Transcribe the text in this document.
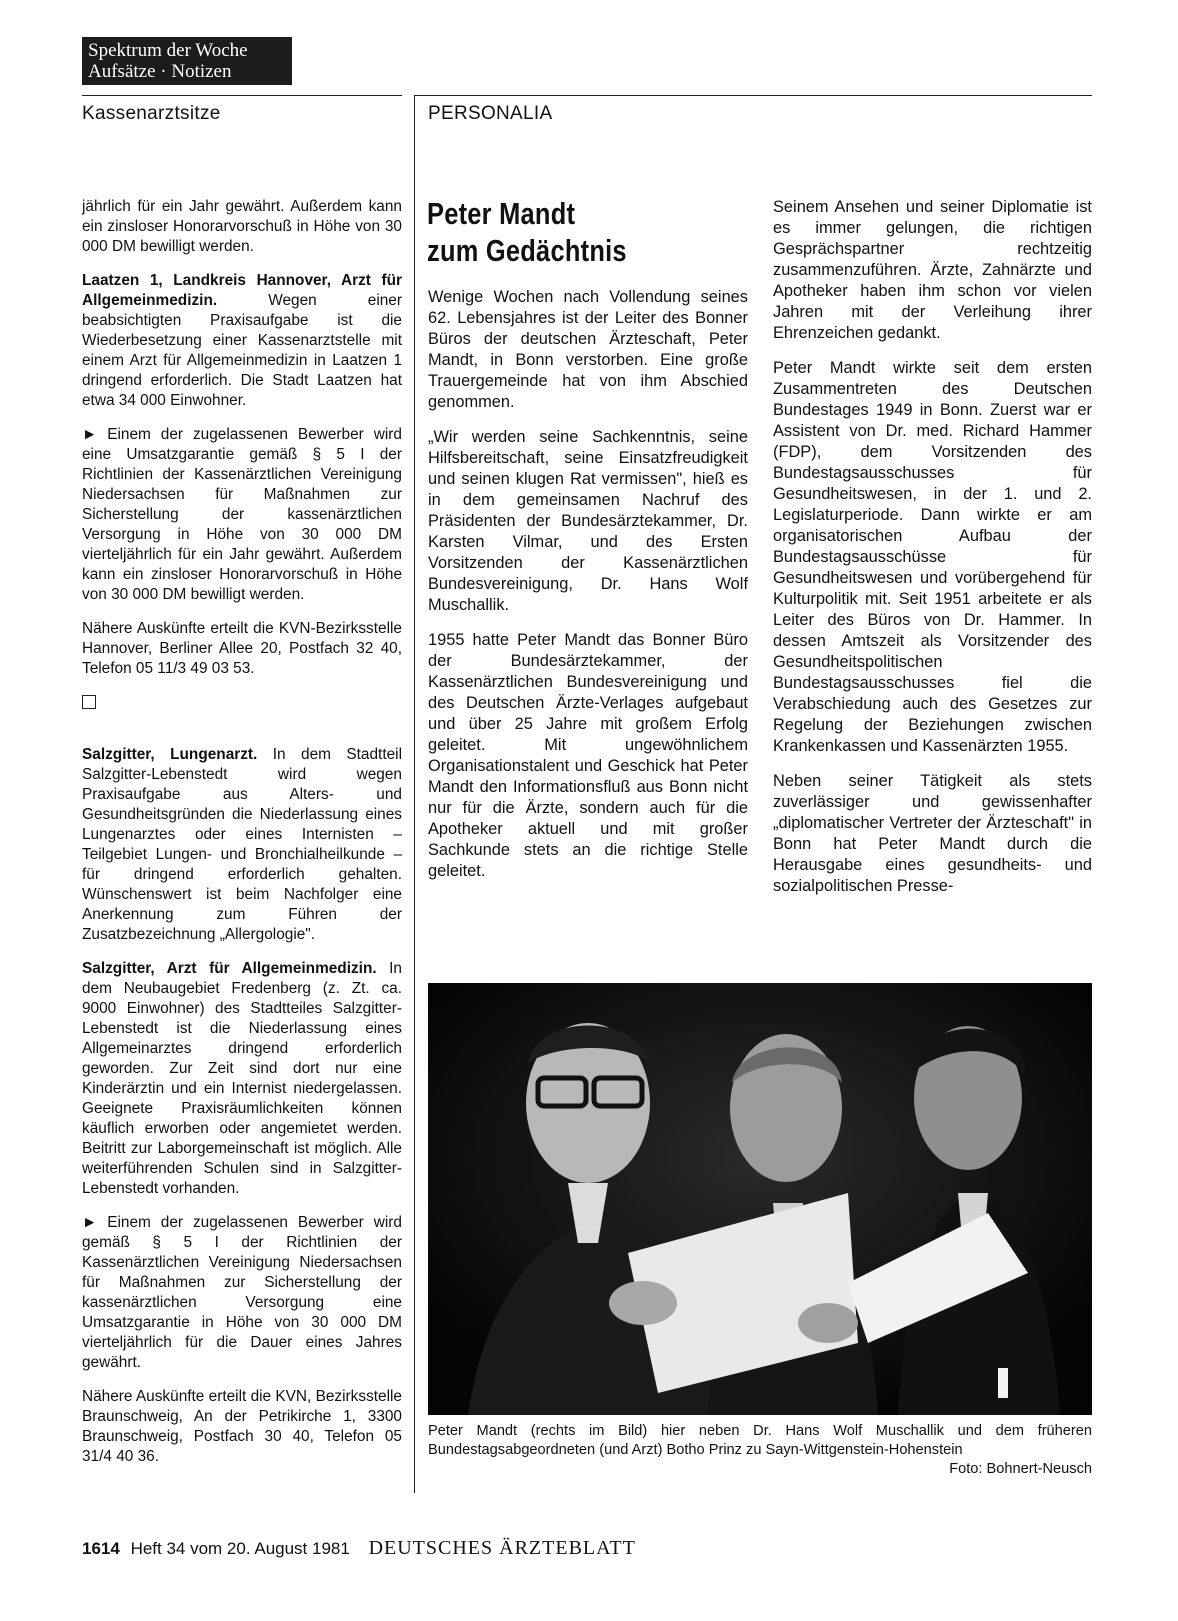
Spektrum der Woche
Aufsätze · Notizen
Kassenarztsitze	PERSONALIA

jährlich für ein Jahr gewährt. Außerdem kann ein zinsloser Honorarvorschuß in Höhe von 30 000 DM bewilligt werden.

Laatzen 1, Landkreis Hannover, Arzt für Allgemeinmedizin. Wegen einer beabsichtigten Praxisaufgabe ist die Wiederbesetzung einer Kassenarztstelle mit einem Arzt für Allgemeinmedizin in Laatzen 1 dringend erforderlich. Die Stadt Laatzen hat etwa 34 000 Einwohner.

► Einem der zugelassenen Bewerber wird eine Umsatzgarantie gemäß § 5 I der Richtlinien der Kassenärztlichen Vereinigung Niedersachsen für Maßnahmen zur Sicherstellung der kassenärztlichen Versorgung in Höhe von 30 000 DM vierteljährlich für ein Jahr gewährt. Außerdem kann ein zinsloser Honorarvorschuß in Höhe von 30 000 DM bewilligt werden.

Nähere Auskünfte erteilt die KVN-Bezirksstelle Hannover, Berliner Allee 20, Postfach 32 40, Telefon 05 11/3 49 03 53.

Salzgitter, Lungenarzt. In dem Stadtteil Salzgitter-Lebenstedt wird wegen Praxisaufgabe aus Alters- und Gesundheitsgründen die Niederlassung eines Lungenarztes oder eines Internisten – Teilgebiet Lungen- und Bronchialheilkunde – für dringend erforderlich gehalten. Wünschenswert ist beim Nachfolger eine Anerkennung zum Führen der Zusatzbezeichnung „Allergologie".

Salzgitter, Arzt für Allgemeinmedizin. In dem Neubaugebiet Fredenberg (z. Zt. ca. 9000 Einwohner) des Stadtteiles Salzgitter-Lebenstedt ist die Niederlassung eines Allgemeinarztes dringend erforderlich geworden. Zur Zeit sind dort nur eine Kinderärztin und ein Internist niedergelassen. Geeignete Praxisräumlichkeiten können käuflich erworben oder angemietet werden. Beitritt zur Laborgemeinschaft ist möglich. Alle weiterführenden Schulen sind in Salzgitter-Lebenstedt vorhanden.

► Einem der zugelassenen Bewerber wird gemäß § 5 I der Richtlinien der Kassenärztlichen Vereinigung Niedersachsen für Maßnahmen zur Sicherstellung der kassenärztlichen Versorgung eine Umsatzgarantie in Höhe von 30 000 DM vierteljährlich für die Dauer eines Jahres gewährt.

Nähere Auskünfte erteilt die KVN, Bezirksstelle Braunschweig, An der Petrikirche 1, 3300 Braunschweig, Postfach 30 40, Telefon 05 31/4 40 36.

Peter Mandt
zum Gedächtnis

Wenige Wochen nach Vollendung seines 62. Lebensjahres ist der Leiter des Bonner Büros der deutschen Ärzteschaft, Peter Mandt, in Bonn verstorben. Eine große Trauergemeinde hat von ihm Abschied genommen.

„Wir werden seine Sachkenntnis, seine Hilfsbereitschaft, seine Einsatzfreudigkeit und seinen klugen Rat vermissen", hieß es in dem gemeinsamen Nachruf des Präsidenten der Bundesärztekammer, Dr. Karsten Vilmar, und des Ersten Vorsitzenden der Kassenärztlichen Bundesvereinigung, Dr. Hans Wolf Muschallik.

1955 hatte Peter Mandt das Bonner Büro der Bundesärztekammer, der Kassenärztlichen Bundesvereinigung und des Deutschen Ärzte-Verlages aufgebaut und über 25 Jahre mit großem Erfolg geleitet. Mit ungewöhnlichem Organisationstalent und Geschick hat Peter Mandt den Informationsfluß aus Bonn nicht nur für die Ärzte, sondern auch für die Apotheker aktuell und mit großer Sachkunde stets an die richtige Stelle geleitet.

Seinem Ansehen und seiner Diplomatie ist es immer gelungen, die richtigen Gesprächspartner rechtzeitig zusammenzuführen. Ärzte, Zahnärzte und Apotheker haben ihm schon vor vielen Jahren mit der Verleihung ihrer Ehrenzeichen gedankt.

Peter Mandt wirkte seit dem ersten Zusammentreten des Deutschen Bundestages 1949 in Bonn. Zuerst war er Assistent von Dr. med. Richard Hammer (FDP), dem Vorsitzenden des Bundestagsausschusses für Gesundheitswesen, in der 1. und 2. Legislaturperiode. Dann wirkte er am organisatorischen Aufbau der Bundestagsausschüsse für Gesundheitswesen und vorübergehend für Kulturpolitik mit. Seit 1951 arbeitete er als Leiter des Büros von Dr. Hammer. In dessen Amtszeit als Vorsitzender des Gesundheitspolitischen Bundestagsausschusses fiel die Verabschiedung auch des Gesetzes zur Regelung der Beziehungen zwischen Krankenkassen und Kassenärzten 1955.

Neben seiner Tätigkeit als stets zuverlässiger und gewissenhafter „diplomatischer Vertreter der Ärzteschaft" in Bonn hat Peter Mandt durch die Herausgabe eines gesundheits- und sozialpolitischen Presse-

Peter Mandt (rechts im Bild) hier neben Dr. Hans Wolf Muschallik und dem früheren Bundestagsabgeordneten (und Arzt) Botho Prinz zu Sayn-Wittgenstein-Hohenstein
Foto: Bohnert-Neusch
1614 Heft 34 vom 20. August 1981 DEUTSCHES ÄRZTEBLATT
